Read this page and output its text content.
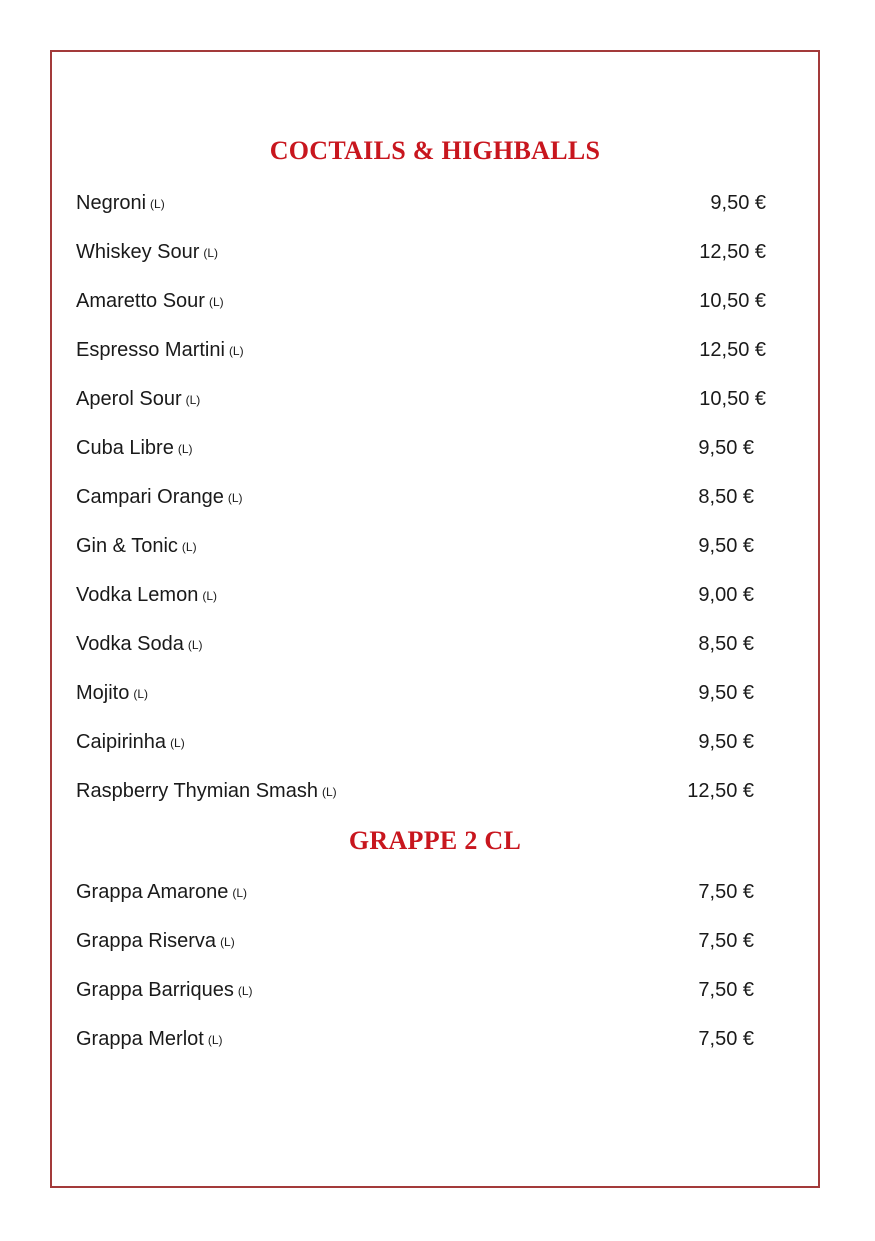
COCTAILS & HIGHBALLS
Negroni (L)	9,50 €
Whiskey Sour (L)	12,50 €
Amaretto Sour (L)	10,50 €
Espresso Martini (L)	12,50 €
Aperol Sour (L)	10,50 €
Cuba Libre (L)	9,50 €
Campari Orange (L)	8,50 €
Gin & Tonic (L)	9,50 €
Vodka Lemon (L)	9,00 €
Vodka Soda (L)	8,50 €
Mojito (L)	9,50 €
Caipirinha (L)	9,50 €
Raspberry Thymian Smash (L)	12,50 €
GRAPPE 2 CL
Grappa Amarone (L)	7,50 €
Grappa Riserva (L)	7,50 €
Grappa Barriques (L)	7,50 €
Grappa Merlot (L)	7,50 €
